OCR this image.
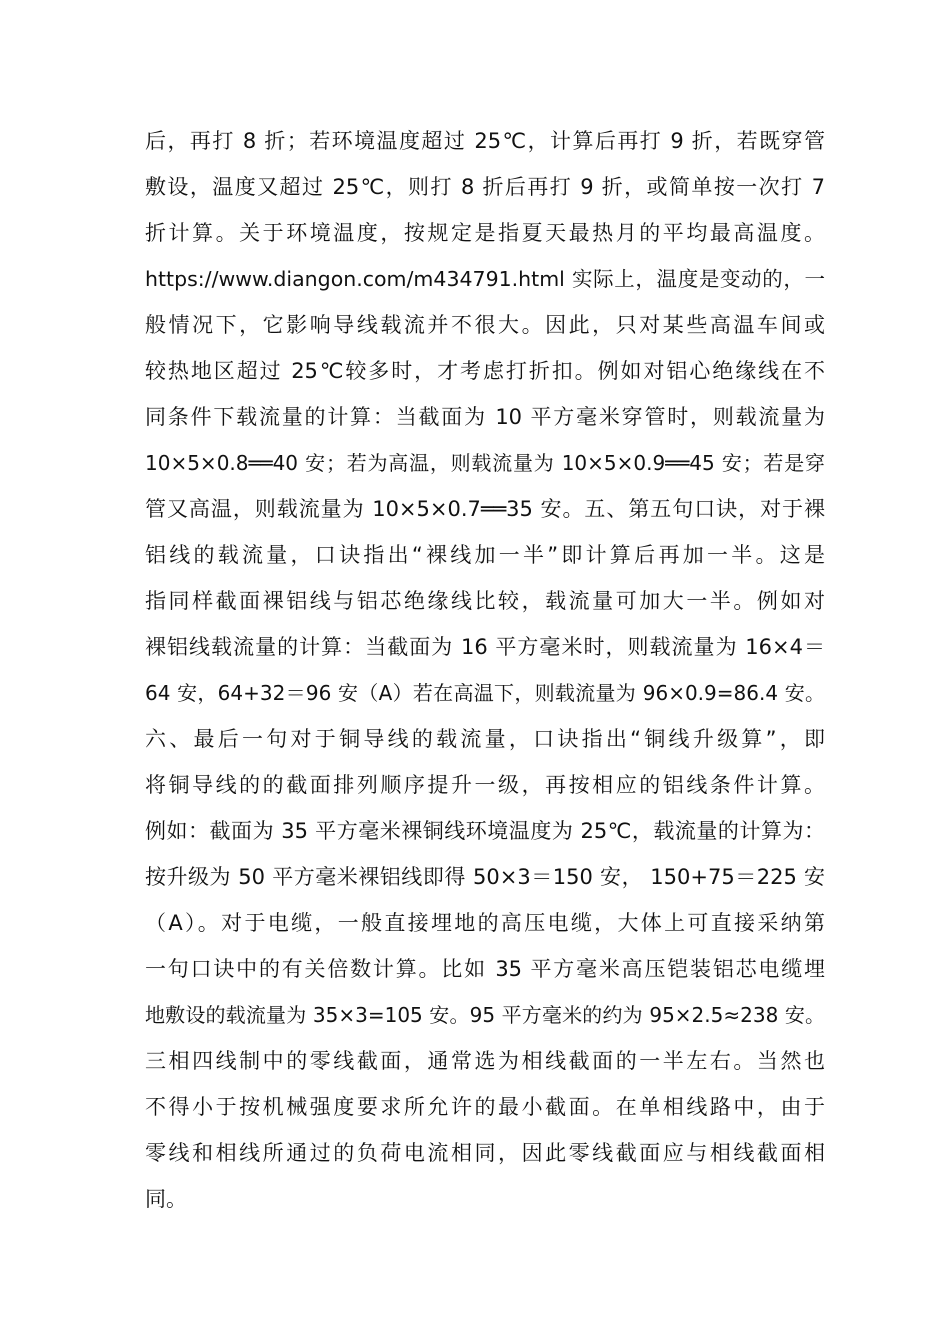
后，再打 8 折；若环境温度超过 25℃，计算后再打 9 折，若既穿管
敷设，温度又超过 25℃，则打 8 折后再打 9 折，或简单按一次打 7
折计算。关于环境温度，按规定是指夏天最热月的平均最高温度。
https://www.diangon.com/m434791.html 实际上，温度是变动的，一
般情况下，它影响导线载流并不很大。因此，只对某些高温车间或
较热地区超过 25℃较多时，才考虑打折扣。例如对铝心绝缘线在不
同条件下载流量的计算：当截面为 10 平方毫米穿管时，则载流量为
10×5×0.8══40 安；若为高温，则载流量为 10×5×0.9══45 安；若是穿
管又高温，则载流量为 10×5×0.7══35 安。五、第五句口诀，对于裸
铝线的载流量，口诀指出“裸线加一半”即计算后再加一半。这是
指同样截面裸铝线与铝芯绝缘线比较，载流量可加大一半。例如对
裸铝线载流量的计算：当截面为 16 平方毫米时，则载流量为 16×4＝
64 安，64+32＝96 安（A）若在高温下，则载流量为 96×0.9=86.4 安。
六、最后一句对于铜导线的载流量，口诀指出“铜线升级算”，即
将铜导线的的截面排列顺序提升一级，再按相应的铝线条件计算。
例如：截面为 35 平方毫米裸铜线环境温度为 25℃，载流量的计算为：
按升级为 50 平方毫米裸铝线即得 50×3＝150 安， 150+75＝225 安
（A）。对于电缆，一般直接埋地的高压电缆，大体上可直接采纳第
一句口诀中的有关倍数计算。比如 35 平方毫米高压铠装铝芯电缆埋
地敷设的载流量为 35×3=105 安。95 平方毫米的约为 95×2.5≈238 安。
三相四线制中的零线截面，通常选为相线截面的一半左右。当然也
不得小于按机械强度要求所允许的最小截面。在单相线路中，由于
零线和相线所通过的负荷电流相同，因此零线截面应与相线截面相
同。
